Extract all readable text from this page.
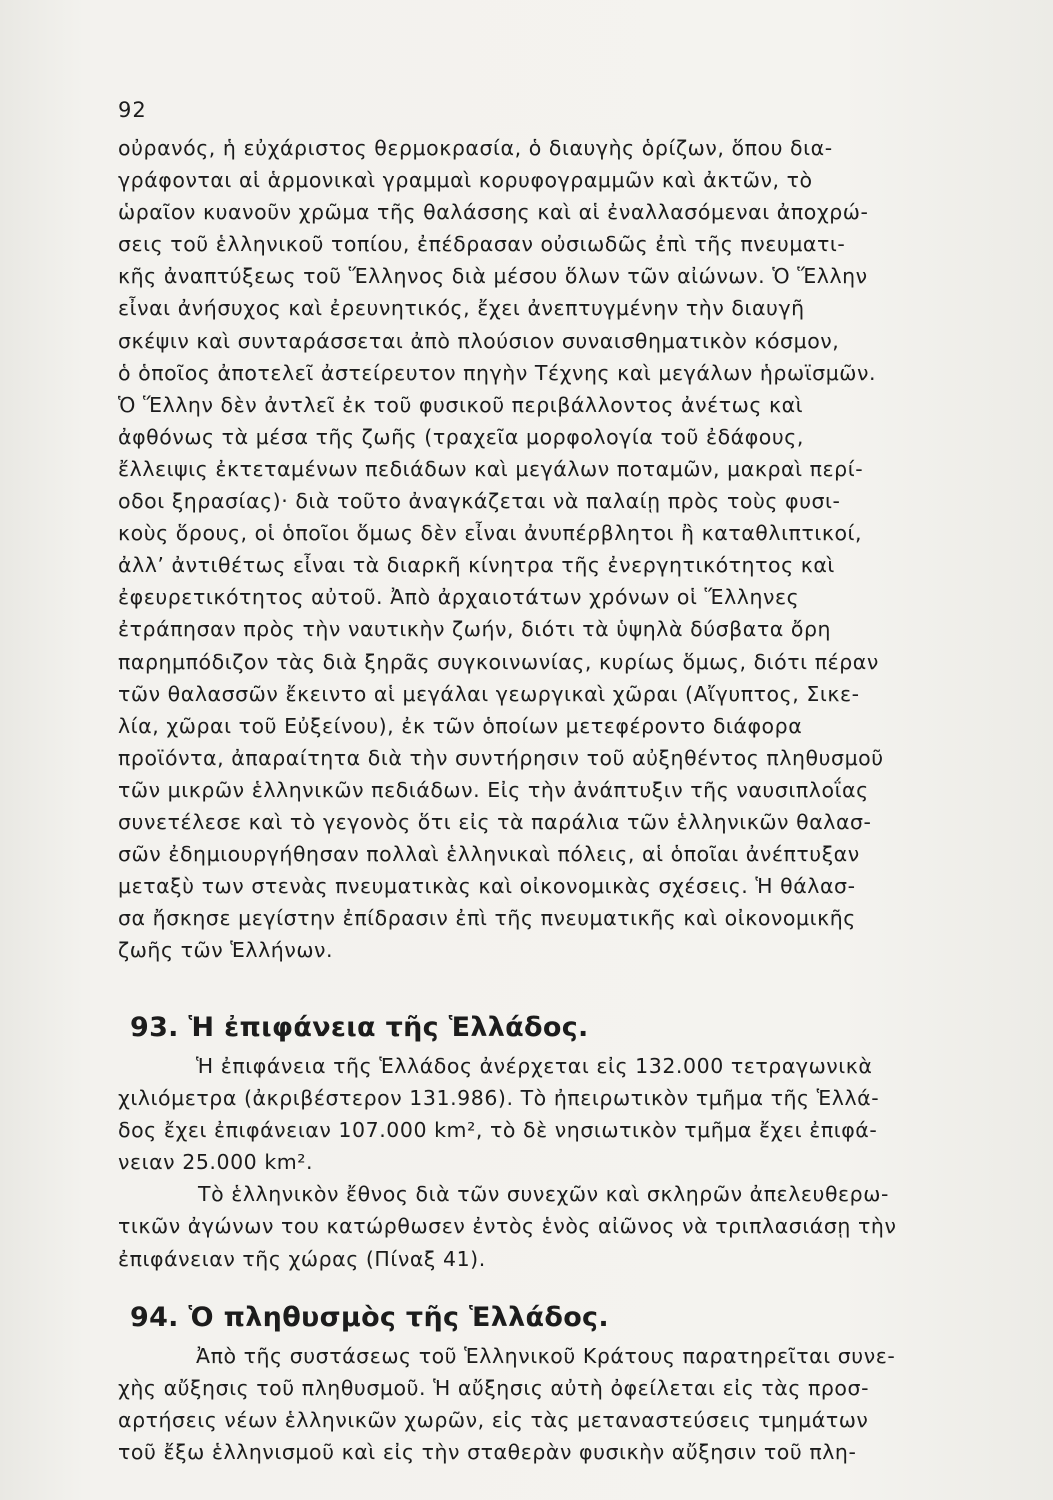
92
οὐρανός, ἡ εὐχάριστος θερμοκρασία, ὁ διαυγὴς ὁρίζων, ὅπου δια-
γράφονται αἱ ἁρμονικαὶ γραμμαὶ κορυφογραμμῶν καὶ ἀκτῶν, τὸ
ὡραῖον κυανοῦν χρῶμα τῆς θαλάσσης καὶ αἱ ἐναλλασόμεναι ἀποχρώ-
σεις τοῦ ἑλληνικοῦ τοπίου, ἐπέδρασαν οὐσιωδῶς ἐπὶ τῆς πνευματι-
κῆς ἀναπτύξεως τοῦ Ἕλληνος διὰ μέσου ὅλων τῶν αἰώνων. Ὁ Ἕλλην
εἶναι ἀνήσυχος καὶ ἐρευνητικός, ἔχει ἀνεπτυγμένην τὴν διαυγῆ
σκέψιν καὶ συνταράσσεται ἀπὸ πλούσιον συναισθηματικὸν κόσμον,
ὁ ὁποῖος ἀποτελεῖ ἀστείρευτον πηγὴν Τέχνης καὶ μεγάλων ἡρωϊσμῶν.
Ὁ Ἕλλην δὲν ἀντλεῖ ἐκ τοῦ φυσικοῦ περιβάλλοντος ἀνέτως καὶ
ἀφθόνως τὰ μέσα τῆς ζωῆς (τραχεῖα μορφολογία τοῦ ἐδάφους,
ἔλλειψις ἐκτεταμένων πεδιάδων καὶ μεγάλων ποταμῶν, μακραὶ περί-
οδοι ξηρασίας)· διὰ τοῦτο ἀναγκάζεται νὰ παλαίῃ πρὸς τοὺς φυσι-
κοὺς ὅρους, οἱ ὁποῖοι ὅμως δὲν εἶναι ἀνυπέρβλητοι ἢ καταθλιπτικοί,
ἀλλ’ ἀντιθέτως εἶναι τὰ διαρκῆ κίνητρα τῆς ἐνεργητικότητος καὶ
ἐφευρετικότητος αὐτοῦ. Ἀπὸ ἀρχαιοτάτων χρόνων οἱ Ἕλληνες
ἐτράπησαν πρὸς τὴν ναυτικὴν ζωήν, διότι τὰ ὑψηλὰ δύσβατα ὄρη
παρημπόδιζον τὰς διὰ ξηρᾶς συγκοινωνίας, κυρίως ὅμως, διότι πέραν
τῶν θαλασσῶν ἔκειντο αἱ μεγάλαι γεωργικαὶ χῶραι (Αἴγυπτος, Σικε-
λία, χῶραι τοῦ Εὐξείνου), ἐκ τῶν ὁποίων μετεφέροντο διάφορα
προϊόντα, ἀπαραίτητα διὰ τὴν συντήρησιν τοῦ αὐξηθέντος πληθυσμοῦ
τῶν μικρῶν ἑλληνικῶν πεδιάδων. Εἰς τὴν ἀνάπτυξιν τῆς ναυσιπλοΐας
συνετέλεσε καὶ τὸ γεγονὸς ὅτι εἰς τὰ παράλια τῶν ἑλληνικῶν θαλασ-
σῶν ἐδημιουργήθησαν πολλαὶ ἑλληνικαὶ πόλεις, αἱ ὁποῖαι ἀνέπτυξαν
μεταξὺ των στενὰς πνευματικὰς καὶ οἰκονομικὰς σχέσεις. Ἡ θάλασ-
σα ἤσκησε μεγίστην ἐπίδρασιν ἐπὶ τῆς πνευματικῆς καὶ οἰκονομικῆς
ζωῆς τῶν Ἑλλήνων.
93. Ἡ ἐπιφάνεια τῆς Ἑλλάδος.
Ἡ ἐπιφάνεια τῆς Ἑλλάδος ἀνέρχεται εἰς 132.000 τετραγωνικὰ
χιλιόμετρα (ἀκριβέστερον 131.986). Τὸ ἠπειρωτικὸν τμῆμα τῆς Ἑλλά-
δος ἔχει ἐπιφάνειαν 107.000 km², τὸ δὲ νησιωτικὸν τμῆμα ἔχει ἐπιφά-
νειαν 25.000 km².
Τὸ ἑλληνικὸν ἔθνος διὰ τῶν συνεχῶν καὶ σκληρῶν ἀπελευθερω-
τικῶν ἀγώνων του κατώρθωσεν ἐντὸς ἑνὸς αἰῶνος νὰ τριπλασιάσῃ τὴν
ἐπιφάνειαν τῆς χώρας (Πίναξ 41).
94. Ὁ πληθυσμὸς τῆς Ἑλλάδος.
Ἀπὸ τῆς συστάσεως τοῦ Ἑλληνικοῦ Κράτους παρατηρεῖται συνε-
χὴς αὔξησις τοῦ πληθυσμοῦ. Ἡ αὔξησις αὐτὴ ὀφείλεται εἰς τὰς προσ-
αρτήσεις νέων ἑλληνικῶν χωρῶν, εἰς τὰς μεταναστεύσεις τμημάτων
τοῦ ἔξω ἑλληνισμοῦ καὶ εἰς τὴν σταθερὰν φυσικὴν αὔξησιν τοῦ πλη-
